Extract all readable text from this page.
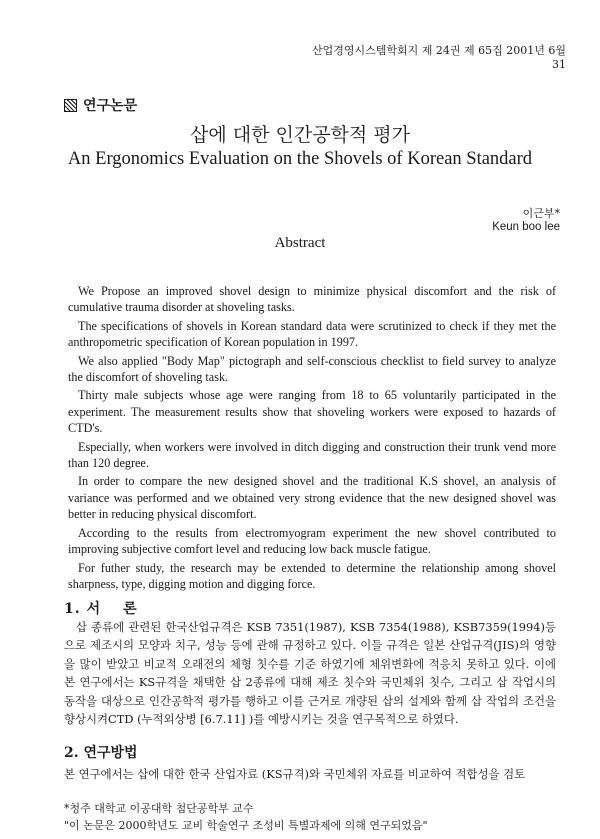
산업경영시스템학회지 제 24권 제 65집 2001년 6월 31
연구논문
삽에 대한 인간공학적 평가
An Ergonomics Evaluation on the Shovels of Korean Standard
이근부*
Keun boo lee
Abstract

We Propose an improved shovel design to minimize physical discomfort and the risk of cumulative trauma disorder at shoveling tasks.

The specifications of shovels in Korean standard data were scrutinized to check if they met the anthropometric specification of Korean population in 1997.

We also applied "Body Map" pictograph and self-conscious checklist to field survey to analyze the discomfort of shoveling task.

Thirty male subjects whose age were ranging from 18 to 65 voluntarily participated in the experiment. The measurement results show that shoveling workers were exposed to hazards of CTD's.

Especially, when workers were involved in ditch digging and construction their trunk vend more than 120 degree.

In order to compare the new designed shovel and the traditional K.S shovel, an analysis of variance was performed and we obtained very strong evidence that the new designed shovel was better in reducing physical discomfort.

According to the results from electromyogram experiment the new shovel contributed to improving subjective comfort level and reducing low back muscle fatigue.

For futher study, the research may be extended to determine the relationship among shovel sharpness, type, digging motion and digging force.

1. 서 론

삽 종류에 관련된 한국산업규격은 KSB 7351(1987), KSB 7354(1988), KSB7359(1994)등으로 제조시의 모양과 치구, 성능 등에 관해 규정하고 있다. 이들 규격은 일본 산업규격(JIS)의 영향을 많이 받았고 비교적 오래전의 체형 칫수를 기준 하였기에 체위변화에 적응치 못하고 있다. 이에 본 연구에서는 KS규격을 채택한 삽 2종류에 대해 제조 칫수와 국민체위 칫수, 그리고 삽 작업시의 동작을 대상으로 인간공학적 평가를 행하고 이를 근거로 개량된 삽의 설계와 함께 삽 작업의 조건을 향상시켜CTD (누적외상병 [6.7.11] )를 예방시키는 것을 연구목적으로 하였다.

2. 연구방법

본 연구에서는 삽에 대한 한국 산업자료 (KS규격)와 국민체위 자료를 비교하여 적합성을 검토

*청주 대학교 이공대학 첨단공학부 교수
"이 논문은 2000학년도 교비 학술연구 조성비 특별과제에 의해 연구되었음"
